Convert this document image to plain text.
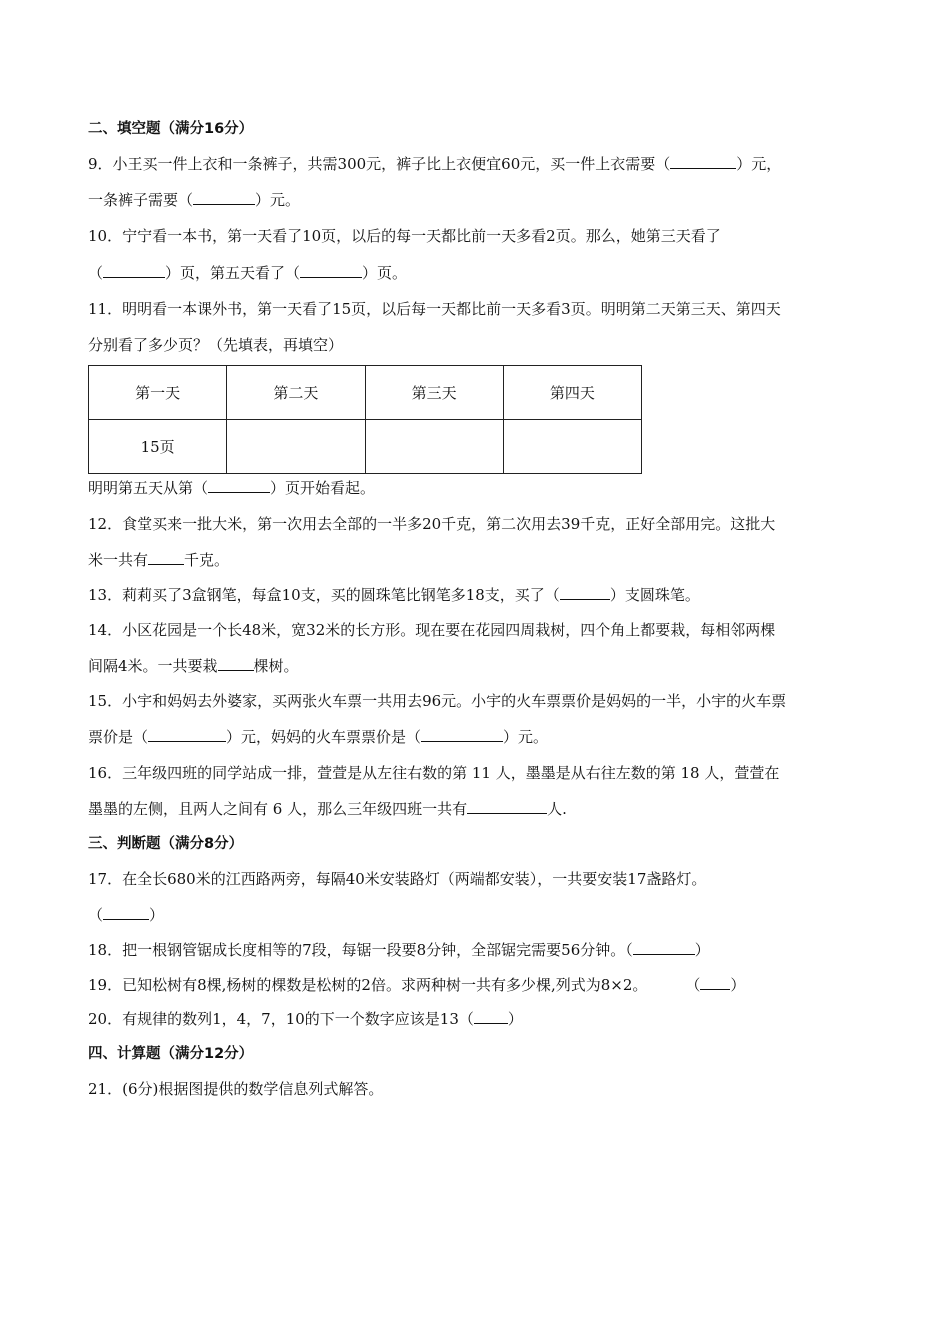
二、填空题（满分16分）
9．小王买一件上衣和一条裤子，共需300元，裤子比上衣便宜60元，买一件上衣需要（	）元，
一条裤子需要（	）元。
10．宁宁看一本书，第一天看了10页，以后的每一天都比前一天多看2页。那么，她第三天看了
（	）页，第五天看了（	）页。
11．明明看一本课外书，第一天看了15页，以后每一天都比前一天多看3页。明明第二天第三天、第四天
分别看了多少页？（先填表，再填空）
第一天	第二天	第三天	第四天
15页			
明明第五天从第（	）页开始看起。
12．食堂买来一批大米，第一次用去全部的一半多20千克，第二次用去39千克，正好全部用完。这批大
米一共有 千克。
13．莉莉买了3盒钢笔，每盒10支，买的圆珠笔比钢笔多18支，买了（	）支圆珠笔。
14．小区花园是一个长48米，宽32米的长方形。现在要在花园四周栽树，四个角上都要栽，每相邻两棵
间隔4米。一共要栽 棵树。
15．小宇和妈妈去外婆家，买两张火车票一共用去96元。小宇的火车票票价是妈妈的一半，小宇的火车票
票价是（	）元，妈妈的火车票票价是（	）元。
16．三年级四班的同学站成一排，萱萱是从左往右数的第 11 人，墨墨是从右往左数的第 18 人，萱萱在
墨墨的左侧，且两人之间有 6 人，那么三年级四班一共有	人.
三、判断题（满分8分）
17．在全长680米的江西路两旁，每隔40米安装路灯（两端都安装），一共要安装17盏路灯。
（	）
18．把一根钢管锯成长度相等的7段，每锯一段要8分钟，全部锯完需要56分钟。（	）
19．已知松树有8棵,杨树的棵数是松树的2倍。求两种树一共有多少棵,列式为8×2。	（ ）
20．有规律的数列1，4，7，10的下一个数字应该是13（ ）
四、计算题（满分12分）
21．(6分)根据图提供的数学信息列式解答。
